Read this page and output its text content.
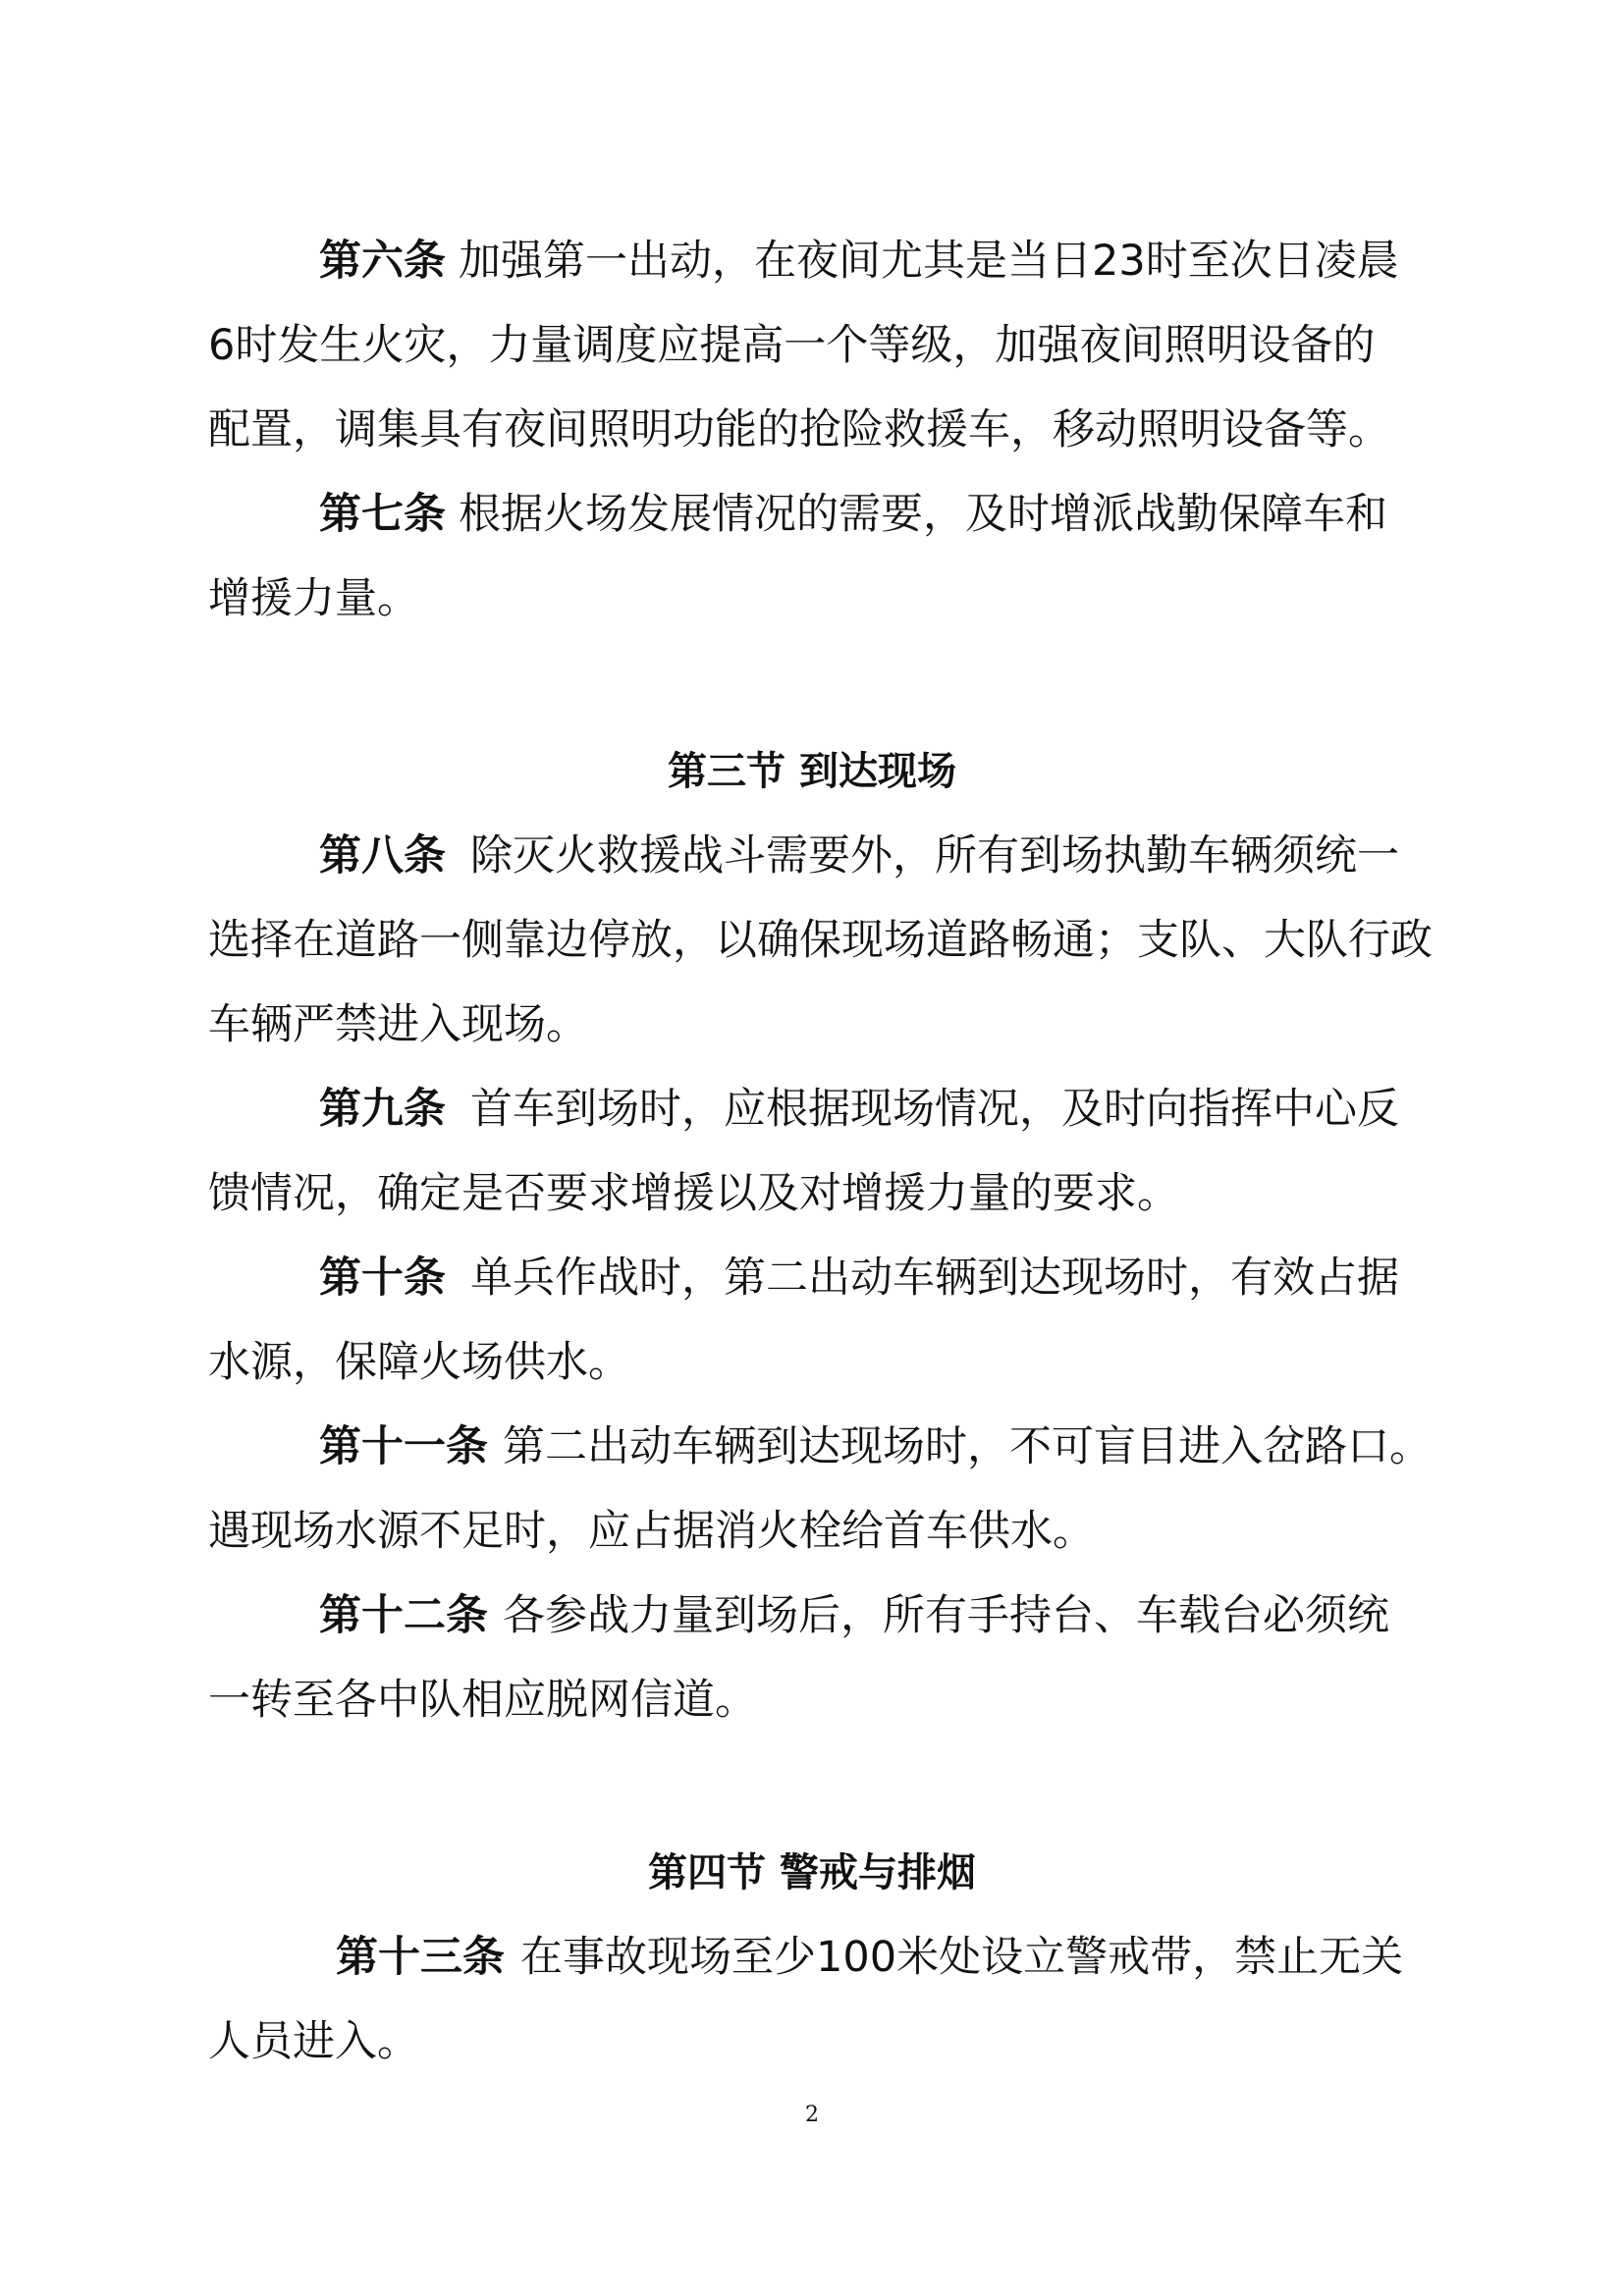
第六条 加强第一出动，在夜间尤其是当日23时至次日凌晨
6时发生火灾，力量调度应提高一个等级，加强夜间照明设备的
配置，调集具有夜间照明功能的抢险救援车，移动照明设备等。
第七条 根据火场发展情况的需要，及时增派战勤保障车和
增援力量。
第三节 到达现场
第八条 除灭火救援战斗需要外，所有到场执勤车辆须统一
选择在道路一侧靠边停放，以确保现场道路畅通；支队、大队行政
车辆严禁进入现场。
第九条 首车到场时，应根据现场情况，及时向指挥中心反
馈情况，确定是否要求增援以及对增援力量的要求。
第十条 单兵作战时，第二出动车辆到达现场时，有效占据
水源，保障火场供水。
第十一条 第二出动车辆到达现场时，不可盲目进入岔路口。
遇现场水源不足时，应占据消火栓给首车供水。
第十二条 各参战力量到场后，所有手持台、车载台必须统
一转至各中队相应脱网信道。
第四节 警戒与排烟
第十三条 在事故现场至少100米处设立警戒带，禁止无关
人员进入。
2
